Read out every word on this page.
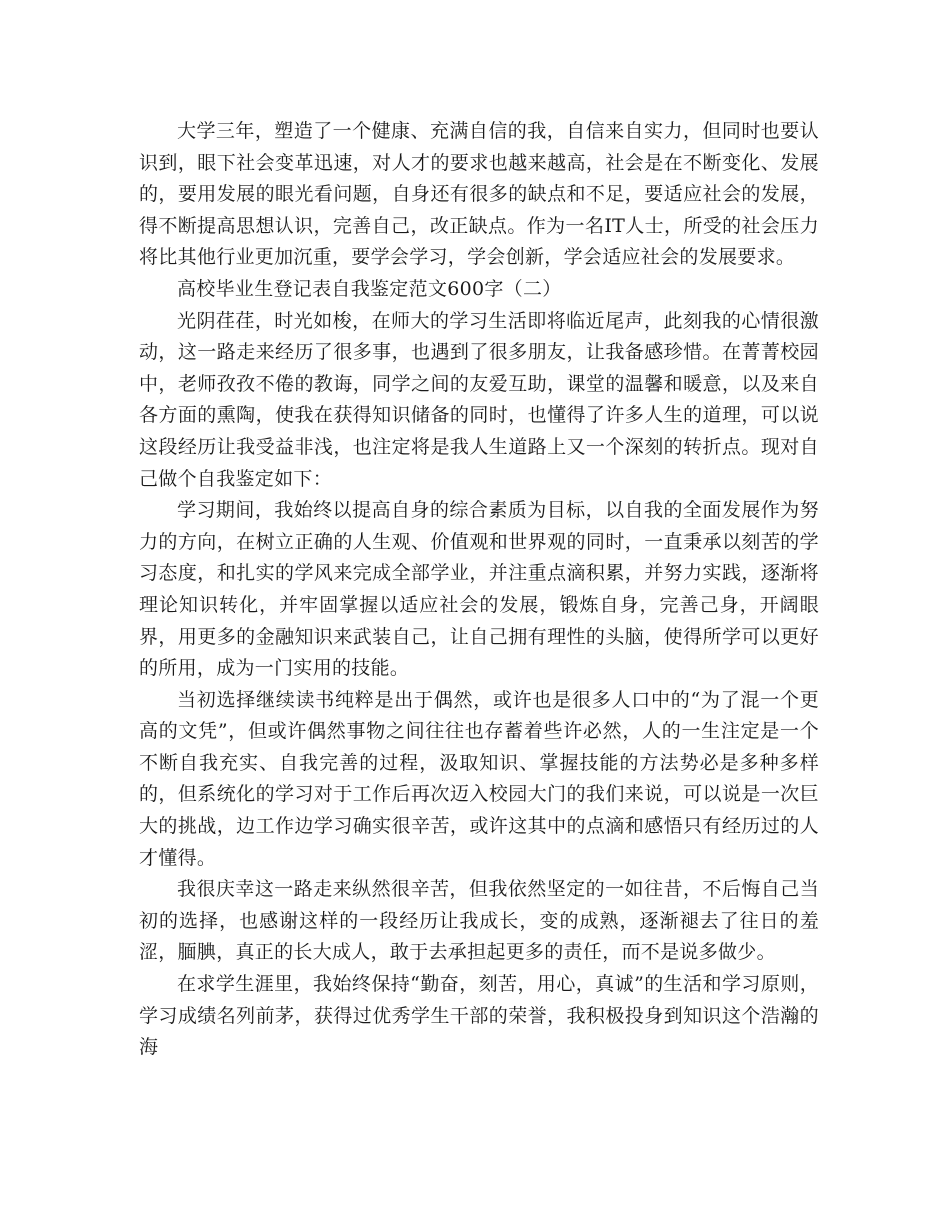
大学三年，塑造了一个健康、充满自信的我，自信来自实力，但同时也要认识到，眼下社会变革迅速，对人才的要求也越来越高，社会是在不断变化、发展的，要用发展的眼光看问题，自身还有很多的缺点和不足，要适应社会的发展，得不断提高思想认识，完善自己，改正缺点。作为一名IT人士，所受的社会压力将比其他行业更加沉重，要学会学习，学会创新，学会适应社会的发展要求。

高校毕业生登记表自我鉴定范文600字（二）

光阴荏荏，时光如梭，在师大的学习生活即将临近尾声，此刻我的心情很激动，这一路走来经历了很多事，也遇到了很多朋友，让我备感珍惜。在菁菁校园中，老师孜孜不倦的教诲，同学之间的友爱互助，课堂的温馨和暖意，以及来自各方面的熏陶，使我在获得知识储备的同时，也懂得了许多人生的道理，可以说这段经历让我受益非浅，也注定将是我人生道路上又一个深刻的转折点。现对自己做个自我鉴定如下：

学习期间，我始终以提高自身的综合素质为目标，以自我的全面发展作为努力的方向，在树立正确的人生观、价值观和世界观的同时，一直秉承以刻苦的学习态度，和扎实的学风来完成全部学业，并注重点滴积累，并努力实践，逐渐将理论知识转化，并牢固掌握以适应社会的发展，锻炼自身，完善己身，开阔眼界，用更多的金融知识来武装自己，让自己拥有理性的头脑，使得所学可以更好的所用，成为一门实用的技能。

当初选择继续读书纯粹是出于偶然，或许也是很多人口中的“为了混一个更高的文凭”，但或许偶然事物之间往往也存蓄着些许必然，人的一生注定是一个不断自我充实、自我完善的过程，汲取知识、掌握技能的方法势必是多种多样的，但系统化的学习对于工作后再次迈入校园大门的我们来说，可以说是一次巨大的挑战，边工作边学习确实很辛苦，或许这其中的点滴和感悟只有经历过的人才懂得。

我很庆幸这一路走来纵然很辛苦，但我依然坚定的一如往昔，不后悔自己当初的选择，也感谢这样的一段经历让我成长，变的成熟，逐渐褪去了往日的羞涩，腼腆，真正的长大成人，敢于去承担起更多的责任，而不是说多做少。

在求学生涯里，我始终保持“勤奋，刻苦，用心，真诚”的生活和学习原则，学习成绩名列前茅，获得过优秀学生干部的荣誉，我积极投身到知识这个浩瀚的海
